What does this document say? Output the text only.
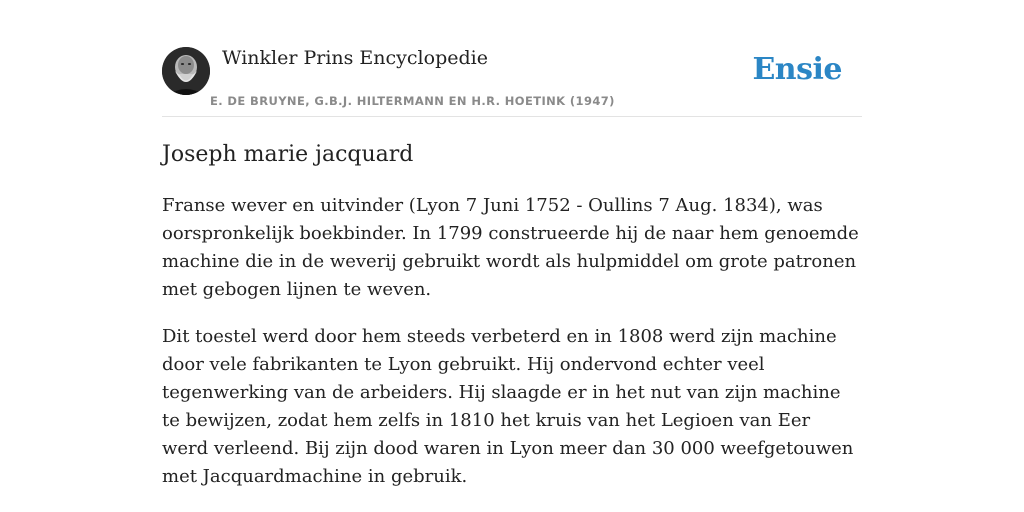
Winkler Prins Encyclopedie
E. DE BRUYNE, G.B.J. HILTERMANN EN H.R. HOETINK (1947)
Ensie
Joseph marie jacquard

Franse wever en uitvinder (Lyon 7 Juni 1752 - Oullins 7 Aug. 1834), was oorspronkelijk boekbinder. In 1799 construeerde hij de naar hem genoemde machine die in de weverij gebruikt wordt als hulpmiddel om grote patronen met gebogen lijnen te weven.

Dit toestel werd door hem steeds verbeterd en in 1808 werd zijn machine door vele fabrikanten te Lyon gebruikt. Hij ondervond echter veel tegenwerking van de arbeiders. Hij slaagde er in het nut van zijn machine te bewijzen, zodat hem zelfs in 1810 het kruis van het Legioen van Eer werd verleend. Bij zijn dood waren in Lyon meer dan 30 000 weefgetouwen met Jacquardmachine in gebruik.
